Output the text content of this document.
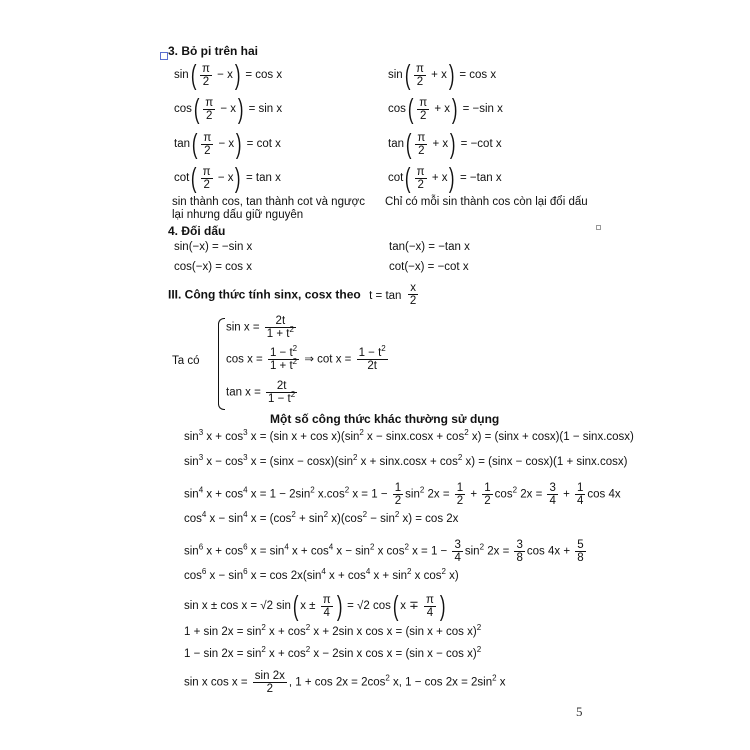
3. Bỏ pi trên hai
$\sin( \frac{\pi}{2} - x) = \cos x$
$\cos( \frac{\pi}{2} - x) = \sin x$
$\tan( \frac{\pi}{2} - x) = \cot x$
$\cot( \frac{\pi}{2} - x) = \tan x$
$\sin( \frac{\pi}{2} + x) = \cos x$
$\cos( \frac{\pi}{2} + x) = -\sin$ x
$\tan( \frac{\pi}{2} + x) = -\cot$ x
$\cot( \frac{\pi}{2} + x) = -\tan$ x
sin thành cos, tan thành cot và ngược lại nhưng dấu giữ nguyên
Chỉ có mỗi sin thành cos còn lại đổi dấu
4. Đối dấu
sin(−x) = −sin x
cos(−x) = cos x
tan(−x) = −tan x
cot(−x) = −cot x
III. Công thức tính sinx, cosx theo $t = \tan \frac{x}{2}$
Ta có
$\sin x = \frac{2t}{1 + t^2}$
$\cos x = \frac{1 - t^2}{1 + t^2}$ ⇒ $\cot x = \frac{1 - t^2}{2t}$
$\tan x = \frac{2t}{1 - t^2}$
Một số công thức khác thường sử dụng
$\sin^3 x + \cos^3 x = (\sin$ $x + \cos x)(\sin^2$ $x - \sin x.\cos x + \cos^2 x) = (\sin x + \cos x)(1 - \sin x.\cos x)$
$\sin^3 x - \cos^3 x = (\sin x - \cos x)(\sin^2$ $x + \sin x.\cos x + \cos^2 x) = (\sin x - \cos x)(1 + \sin x.\cos x)$
$\sin^4 x + \cos^4 x = 1 - 2\sin^2$ $x.\cos^2$ $x = 1 - \frac{1}{2} \sin^2 2x = \frac{1}{2} + \frac{1}{2} \cos^2 2x = \frac{3}{4} + \frac{1}{4}$ cos 4x
$\cos^4 x - \sin^4 x = (\cos^2 + \sin^2 x)(\cos^2 - \sin^2 x) = \cos 2x$
$\sin^6 x + \cos^6 x = \sin^4 x + \cos^4 x - \sin^2 x$ $\cos^2 x = 1 - \frac{3}{4} \sin^2 2x = \frac{3}{8}$ $\cos 4x + \frac{5}{8}$
$\cos^6 x - \sin^6 x = \cos 2x(\sin^4$ $x + \cos^4 x + \sin^2 x$ $\cos^2 x$)
sin x ± cos x = √2 sin( $x \pm \frac{\pi}{4}$ ) = √2 cos( $x \mp \frac{\pi}{4}$ )
$1 + \sin 2x = \sin^2 x + \cos^2 x + 2\sin$ x cos x = (sin x + cos x)$^2$
$1 - \sin 2x = \sin^2 x + \cos^2 x - 2\sin$ x cos x = (sin x − cos x)$^2$
sin x $\cos x = \frac{\sin 2x}{2}$ , $1 + \cos 2x = 2\cos^2$ x, $1 - \cos 2x = 2\sin^2$ x
5
